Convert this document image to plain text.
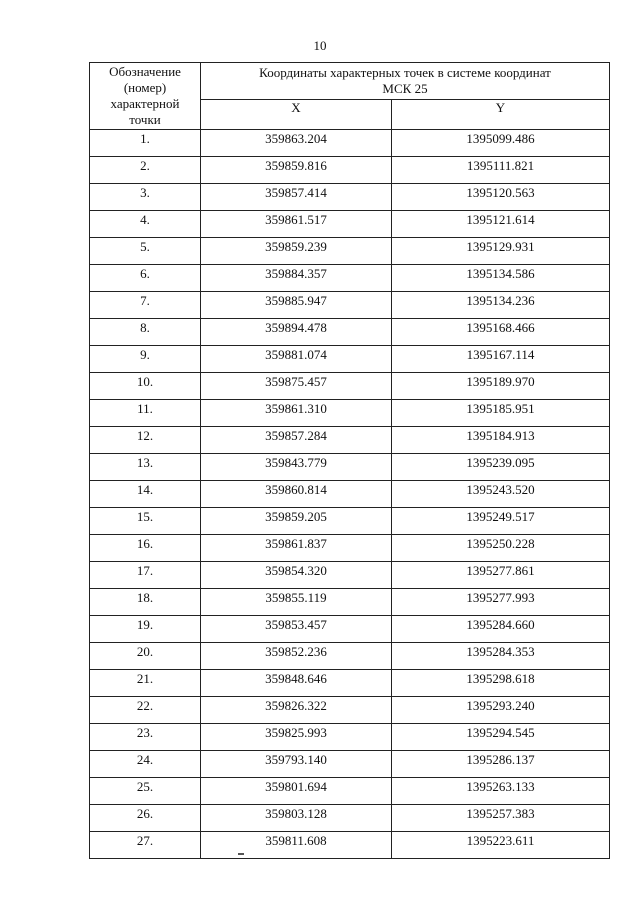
10
Обозначение
(номер)
характерной
точки	Координаты характерных точек в системе координат
МСК 25	
	X	Y
1.	359863.204	1395099.486
2.	359859.816	1395111.821
3.	359857.414	1395120.563
4.	359861.517	1395121.614
5.	359859.239	1395129.931
6.	359884.357	1395134.586
7.	359885.947	1395134.236
8.	359894.478	1395168.466
9.	359881.074	1395167.114
10.	359875.457	1395189.970
11.	359861.310	1395185.951
12.	359857.284	1395184.913
13.	359843.779	1395239.095
14.	359860.814	1395243.520
15.	359859.205	1395249.517
16.	359861.837	1395250.228
17.	359854.320	1395277.861
18.	359855.119	1395277.993
19.	359853.457	1395284.660
20.	359852.236	1395284.353
21.	359848.646	1395298.618
22.	359826.322	1395293.240
23.	359825.993	1395294.545
24.	359793.140	1395286.137
25.	359801.694	1395263.133
26.	359803.128	1395257.383
27.	359811.608	1395223.611
